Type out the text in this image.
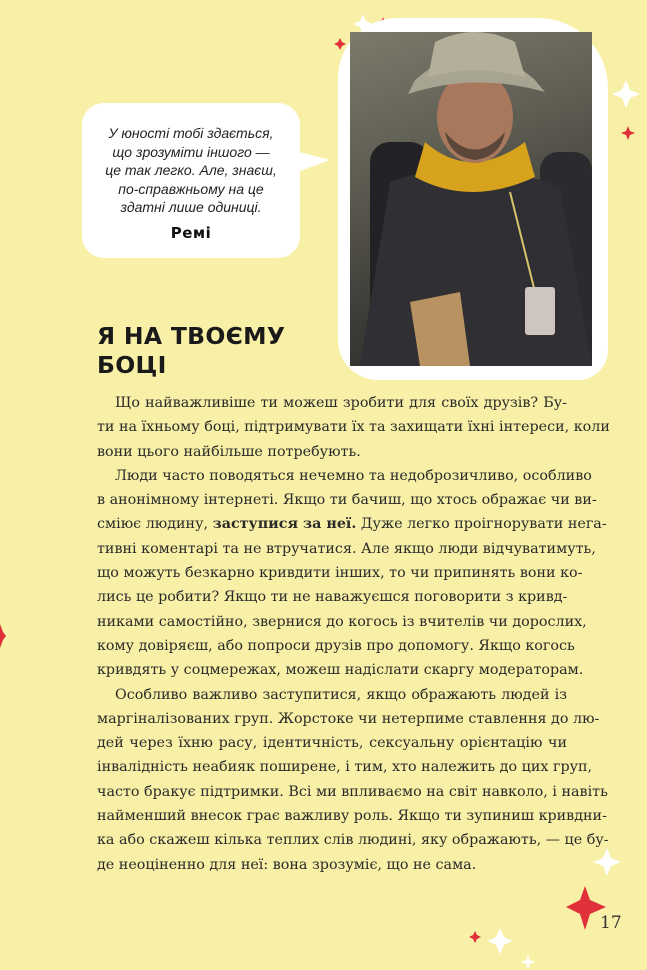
У юності тобі здається,
що зрозуміти іншого —
це так легко. Але, знаєш,
по-справжньому на це
здатні лише одиниці.
Pемі
Я НА ТВОЄМУ
БОЦІ
Що найважливіше ти можеш зробити для своїх друзів? Бу-
ти на їхньому боці, підтримувати їх та захищати їхні інтереси, коли
вони цього найбільше потребують.
Люди часто поводяться нечемно та недоброзичливо, особливо
в анонімному інтернеті. Якщо ти бачиш, що хтось ображає чи ви-
сміює людину, заступися за неї. Дуже легко проігнорувати нега-
тивні коментарі та не втручатися. Але якщо люди відчуватимуть,
що можуть безкарно кривдити інших, то чи припинять вони ко-
лись це робити? Якщо ти не наважуєшся поговорити з кривд-
никами самостійно, звернися до когось із вчителів чи дорослих,
кому довіряєш, або попроси друзів про допомогу. Якщо когось
кривдять у соцмережах, можеш надіслати скаргу модераторам.
Особливо важливо заступитися, якщо ображають людей із
маргіналізованих груп. Жорстоке чи нетерпиме ставлення до лю-
дей через їхню расу, ідентичність, сексуальну орієнтацію чи
інвалідність неабияк поширене, і тим, хто належить до цих груп,
часто бракує підтримки. Всі ми впливаємо на світ навколо, і навіть
найменший внесок грає важливу роль. Якщо ти зупиниш кривдни-
ка або скажеш кілька теплих слів людині, яку ображають, — це бу-
де неоціненно для неї: вона зрозуміє, що не сама.
17
